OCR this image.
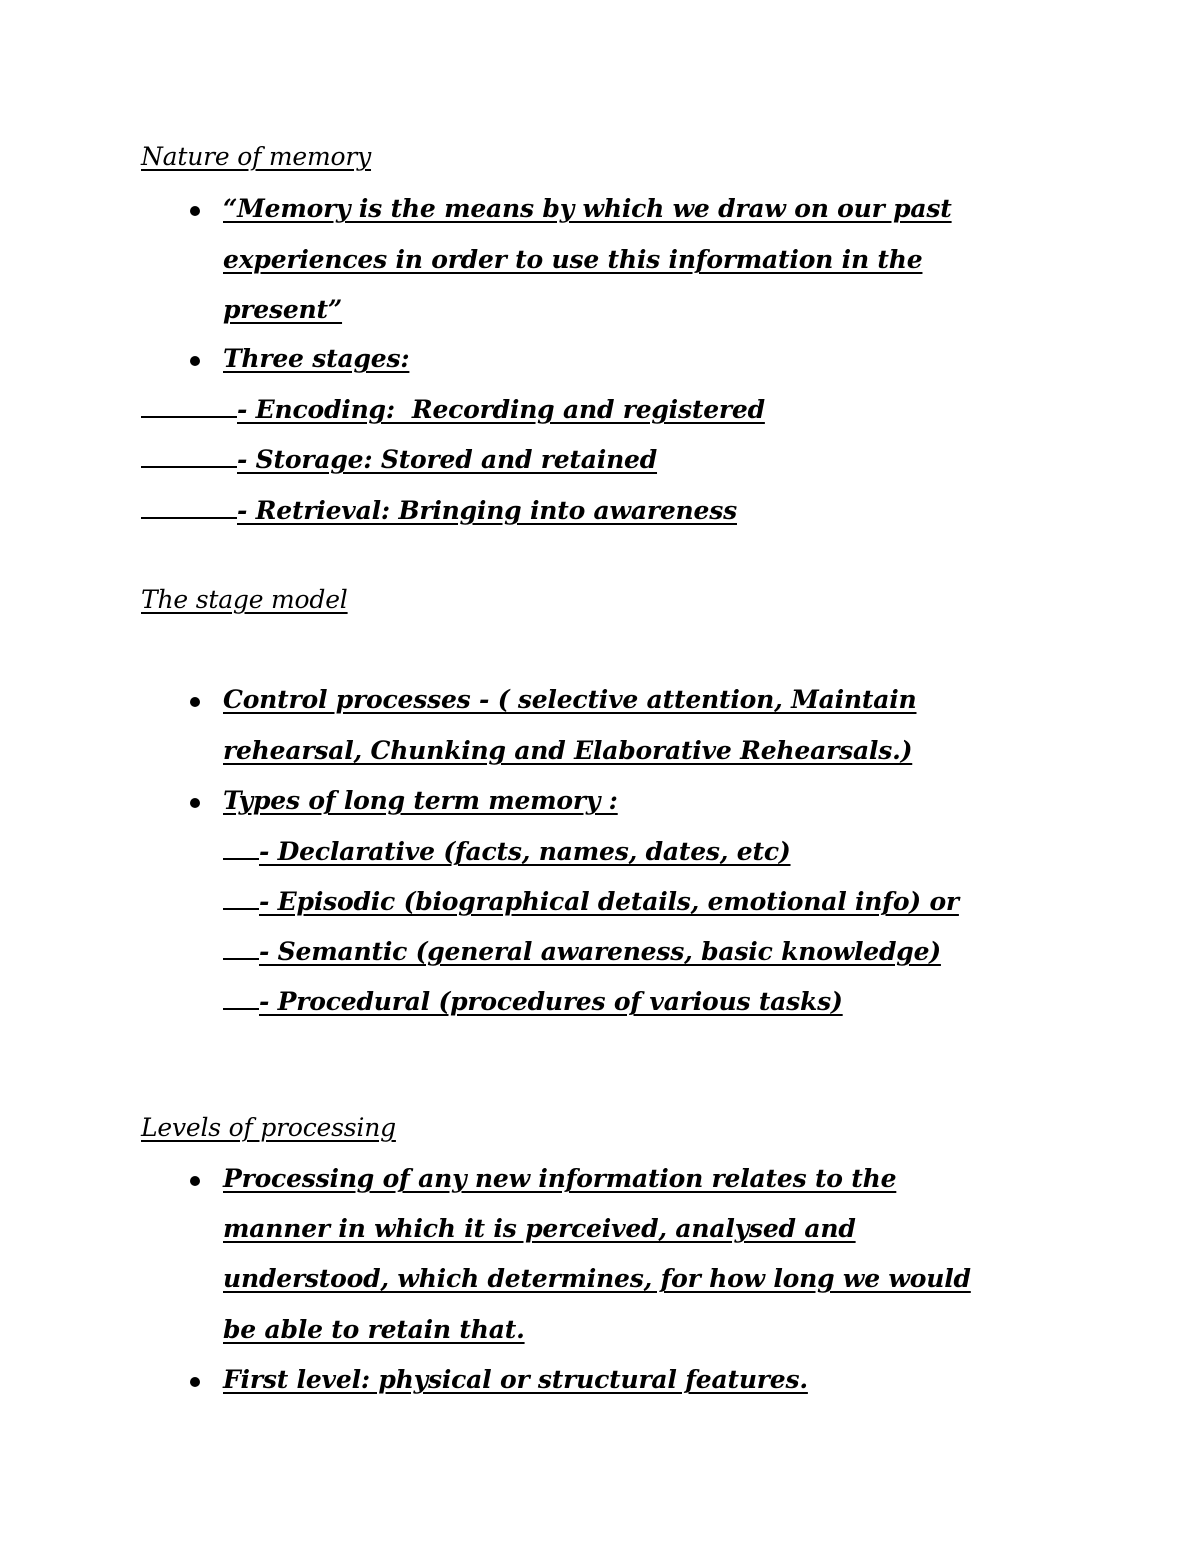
Nature of memory
“Memory is the means by which we draw on our past
experiences in order to use this information in the
present”
Three stages:
- Encoding:  Recording and registered
- Storage: Stored and retained
- Retrieval: Bringing into awareness
The stage model
Control processes - ( selective attention, Maintain
rehearsal, Chunking and Elaborative Rehearsals.)
Types of long term memory :
- Declarative (facts, names, dates, etc)
- Episodic (biographical details, emotional info) or
- Semantic (general awareness, basic knowledge)
- Procedural (procedures of various tasks)
Levels of processing
Processing of any new information relates to the
manner in which it is perceived, analysed and
understood, which determines, for how long we would
be able to retain that.
First level: physical or structural features.
